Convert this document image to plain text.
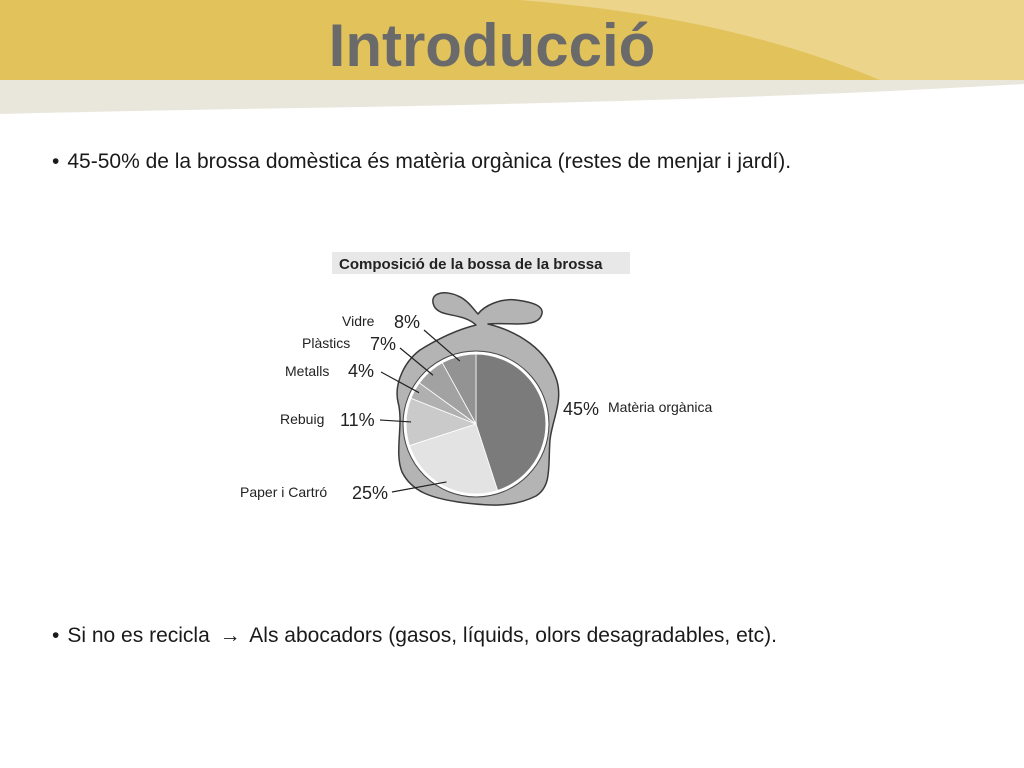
Introducció
• 45-50% de la brossa domèstica és matèria orgànica (restes de menjar i jardí).
Composició de la bossa de la brossa
Matèria orgànica
45%
Paper i Cartró 25%
Rebuig 11%
Metalls 4%
Plàstics 7%
Vidre 8%
• Si no es recicla → Als abocadors (gasos, líquids, olors desagradables, etc).
